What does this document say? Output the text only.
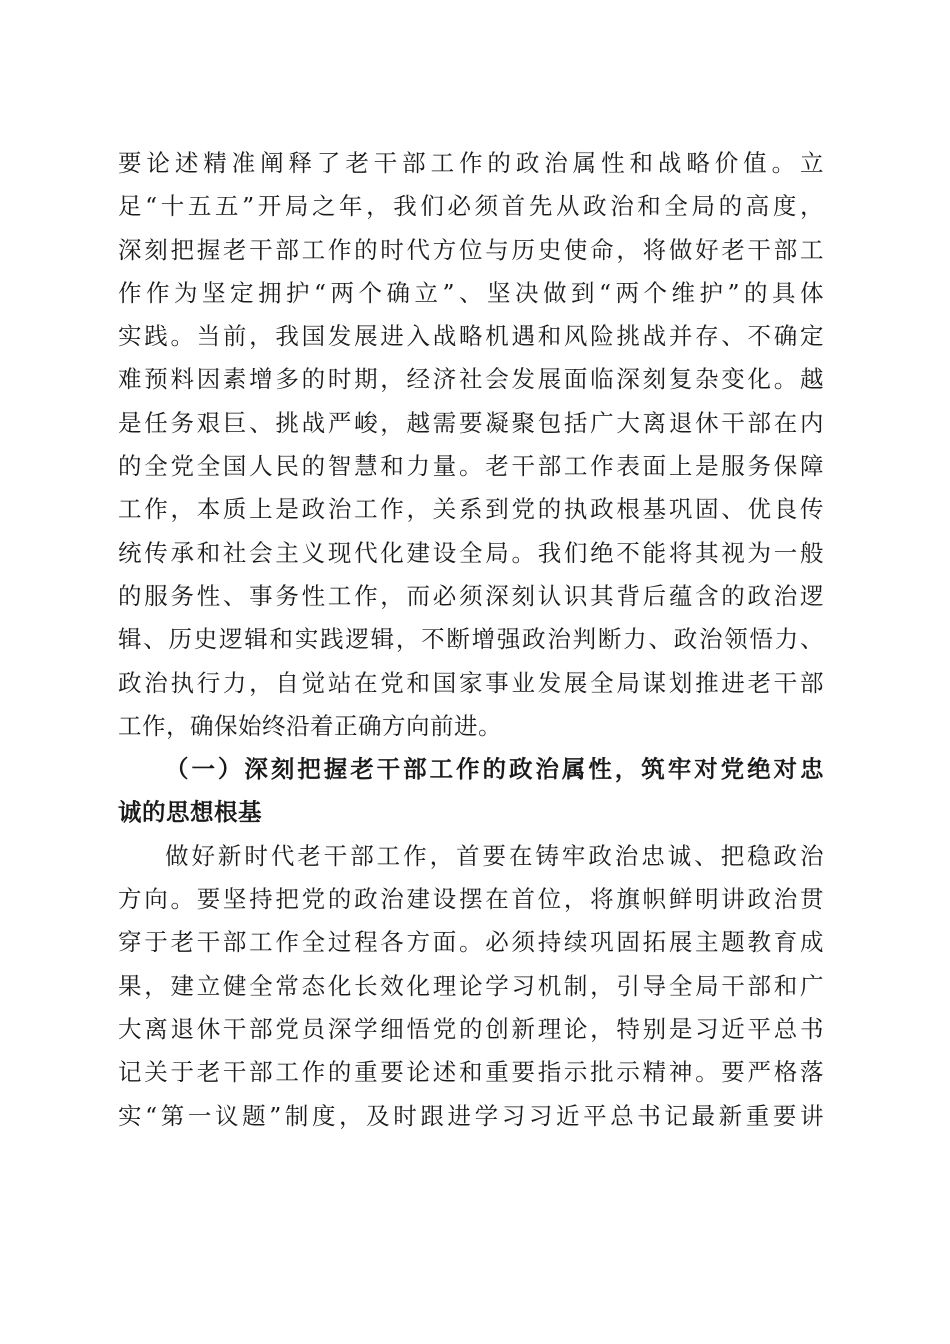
要论述精准阐释了老干部工作的政治属性和战略价值。立
足“十五五”开局之年，我们必须首先从政治和全局的高度，
深刻把握老干部工作的时代方位与历史使命，将做好老干部工
作作为坚定拥护“两个确立”、坚决做到“两个维护”的具体
实践。当前，我国发展进入战略机遇和风险挑战并存、不确定
难预料因素增多的时期，经济社会发展面临深刻复杂变化。越
是任务艰巨、挑战严峻，越需要凝聚包括广大离退休干部在内
的全党全国人民的智慧和力量。老干部工作表面上是服务保障
工作，本质上是政治工作，关系到党的执政根基巩固、优良传
统传承和社会主义现代化建设全局。我们绝不能将其视为一般
的服务性、事务性工作，而必须深刻认识其背后蕴含的政治逻
辑、历史逻辑和实践逻辑，不断增强政治判断力、政治领悟力、
政治执行力，自觉站在党和国家事业发展全局谋划推进老干部
工作，确保始终沿着正确方向前进。
（一）深刻把握老干部工作的政治属性，筑牢对党绝对忠
诚的思想根基
做好新时代老干部工作，首要在铸牢政治忠诚、把稳政治
方向。要坚持把党的政治建设摆在首位，将旗帜鲜明讲政治贯
穿于老干部工作全过程各方面。必须持续巩固拓展主题教育成
果，建立健全常态化长效化理论学习机制，引导全局干部和广
大离退休干部党员深学细悟党的创新理论，特别是习近平总书
记关于老干部工作的重要论述和重要指示批示精神。要严格落
实“第一议题”制度，及时跟进学习习近平总书记最新重要讲
